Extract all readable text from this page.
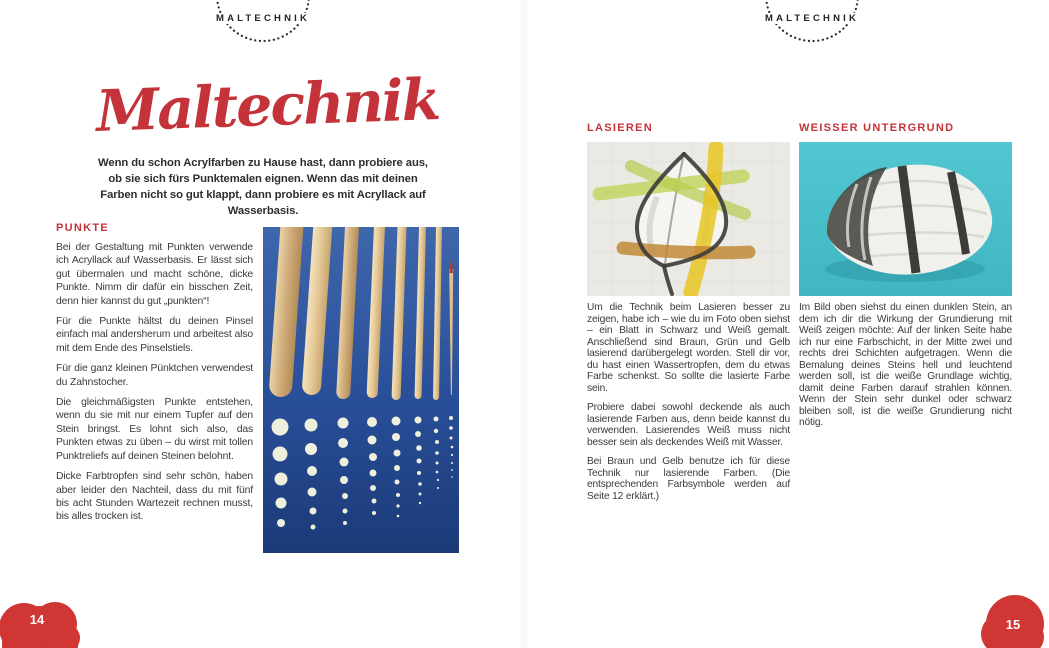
MALTECHNIK	MALTECHNIK
Maltechnik
Wenn du schon Acrylfarben zu Hause hast, dann probiere aus, ob sie sich fürs Punktemalen eignen. Wenn das mit deinen Farben nicht so gut klappt, dann probiere es mit Acryllack auf Wasserbasis.
PUNKTE

Bei der Gestaltung mit Punkten verwende ich Acryllack auf Wasserbasis. Er lässt sich gut übermalen und macht schöne, dicke Punkte. Nimm dir dafür ein bisschen Zeit, denn hier kannst du gut „punkten“!

Für die Punkte hältst du deinen Pinsel einfach mal andersherum und arbeitest also mit dem Ende des Pinselstiels.

Für die ganz kleinen Pünktchen verwendest du Zahnstocher.

Die gleichmäßigsten Punkte entstehen, wenn du sie mit nur einem Tupfer auf den Stein bringst. Es lohnt sich also, das Punkten etwas zu üben – du wirst mit tollen Punktreliefs auf deinen Steinen belohnt.

Dicke Farbtropfen sind sehr schön, haben aber leider den Nachteil, dass du mit fünf bis acht Stunden Wartezeit rechnen musst, bis alles trocken ist.

LASIEREN	WEISSER UNTERGRUND

Um die Technik beim Lasieren besser zu zeigen, habe ich – wie du im Foto oben siehst – ein Blatt in Schwarz und Weiß gemalt. Anschließend sind Braun, Grün und Gelb lasierend darübergelegt worden. Stell dir vor, du hast einen Wassertropfen, dem du etwas Farbe schenkst. So sollte die lasierte Farbe sein.

Probiere dabei sowohl deckende als auch lasierende Farben aus, denn beide kannst du verwenden. Lasierendes Weiß muss nicht besser sein als deckendes Weiß mit Wasser.

Bei Braun und Gelb benutze ich für diese Technik nur lasierende Farben. (Die entsprechenden Farbsymbole werden auf Seite 12 erklärt.)

Im Bild oben siehst du einen dunklen Stein, an dem ich dir die Wirkung der Grundierung mit Weiß zeigen möchte: Auf der linken Seite habe ich nur eine Farbschicht, in der Mitte zwei und rechts drei Schichten aufgetragen. Wenn die Bemalung deines Steins hell und leuchtend werden soll, ist die weiße Grundlage wichtig, damit deine Farben darauf strahlen können. Wenn der Stein sehr dunkel oder schwarz bleiben soll, ist die weiße Grundierung nicht nötig.

14	15
